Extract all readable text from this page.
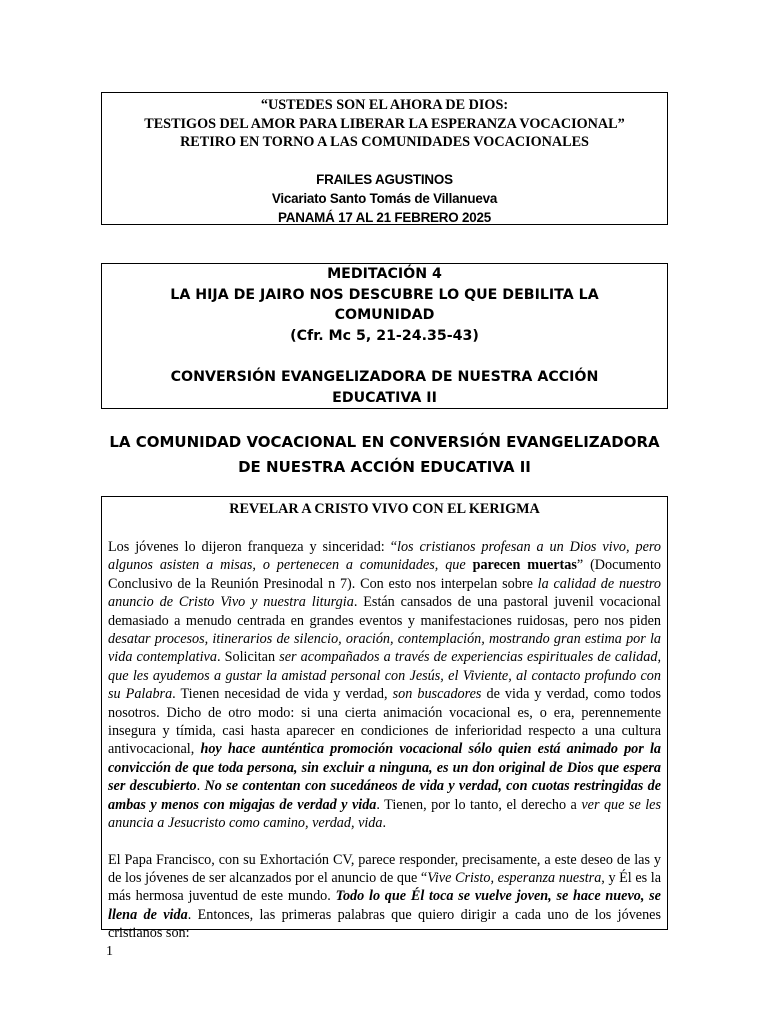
“USTEDES SON EL AHORA DE DIOS:
TESTIGOS DEL AMOR PARA LIBERAR LA ESPERANZA VOCACIONAL”
RETIRO EN TORNO A LAS COMUNIDADES VOCACIONALES
FRAILES AGUSTINOS
Vicariato Santo Tomás de Villanueva
PANAMÁ 17 AL 21 FEBRERO 2025
MEDITACIÓN 4
LA HIJA DE JAIRO NOS DESCUBRE LO QUE DEBILITA LA
COMUNIDAD
(Cfr. Mc 5, 21-24.35-43)
CONVERSIÓN EVANGELIZADORA DE NUESTRA ACCIÓN
EDUCATIVA II
LA COMUNIDAD VOCACIONAL EN CONVERSIÓN EVANGELIZADORA
DE NUESTRA ACCIÓN EDUCATIVA II
REVELAR A CRISTO VIVO CON EL KERIGMA

Los jóvenes lo dijeron franqueza y sinceridad: “los cristianos profesan a un Dios vivo, pero algunos asisten a misas, o pertenecen a comunidades, que parecen muertas” (Documento Conclusivo de la Reunión Presinodal n 7). Con esto nos interpelan sobre la calidad de nuestro anuncio de Cristo Vivo y nuestra liturgia. Están cansados de una pastoral juvenil vocacional demasiado a menudo centrada en grandes eventos y manifestaciones ruidosas, pero nos piden desatar procesos, itinerarios de silencio, oración, contemplación, mostrando gran estima por la vida contemplativa. Solicitan ser acompañados a través de experiencias espirituales de calidad, que les ayudemos a gustar la amistad personal con Jesús, el Viviente, al contacto profundo con su Palabra. Tienen necesidad de vida y verdad, son buscadores de vida y verdad, como todos nosotros. Dicho de otro modo: si una cierta animación vocacional es, o era, perennemente insegura y tímida, casi hasta aparecer en condiciones de inferioridad respecto a una cultura antivocacional, hoy hace aunténtica promoción vocacional sólo quien está animado por la convicción de que toda persona, sin excluir a ninguna, es un don original de Dios que espera ser descubierto. No se contentan con sucedáneos de vida y verdad, con cuotas restringidas de ambas y menos con migajas de verdad y vida. Tienen, por lo tanto, el derecho a ver que se les anuncia a Jesucristo como camino, verdad, vida.

El Papa Francisco, con su Exhortación CV, parece responder, precisamente, a este deseo de las y de los jóvenes de ser alcanzados por el anuncio de que “Vive Cristo, esperanza nuestra, y Él es la más hermosa juventud de este mundo. Todo lo que Él toca se vuelve joven, se hace nuevo, se llena de vida. Entonces, las primeras palabras que quiero dirigir a cada uno de los jóvenes cristianos son:

1
